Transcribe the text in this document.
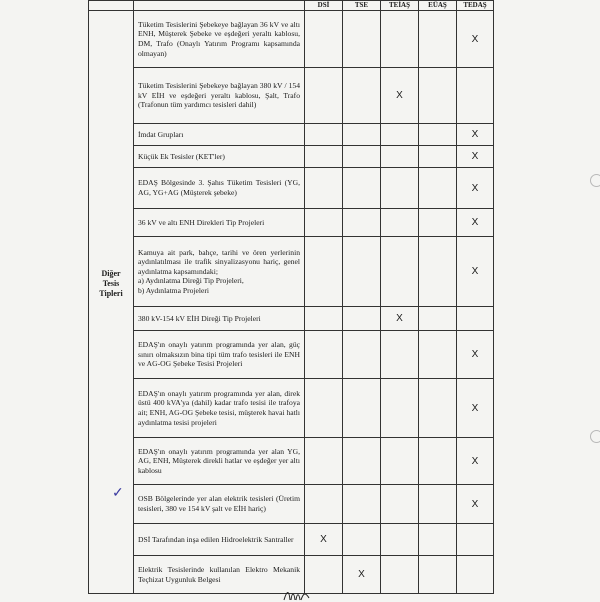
		DSİ	TSE	TEİAŞ	EÜAŞ	TEDAŞ
Diğer
Tesis
Tipleri	Tüketim Tesislerini Şebekeye bağlayan 36 kV ve altı ENH, Müşterek Şebeke ve eşdeğeri yeraltı kablosu, DM, Trafo (Onaylı Yatırım Programı kapsamında olmayan)					X

	Tüketim Tesislerini Şebekeye bağlayan 380 kV / 154 kV EİH ve eşdeğeri yeraltı kablosu, Şalt, Trafo (Trafonun tüm yardımcı tesisleri dahil)			X		

	İmdat Grupları					X

	Küçük Ek Tesisler (KET'ler)					X

	EDAŞ Bölgesinde 3. Şahıs Tüketim Tesisleri (YG, AG, YG+AG (Müşterek şebeke)					X

	36 kV ve altı ENH Direkleri Tip Projeleri					X

	Kamuya ait park, bahçe, tarihi ve ören yerlerinin aydınlatılması ile trafik sinyalizasyonu hariç, genel aydınlatma kapsamındaki;
a) Aydınlatma Direği Tip Projeleri,
b) Aydınlatma Projeleri					X

	380 kV-154 kV EİH Direği Tip Projeleri			X		

	EDAŞ'ın onaylı yatırım programında yer alan, güç sınırı olmaksızın bina tipi tüm trafo tesisleri ile ENH ve AG-OG Şebeke Tesisi Projeleri					X

	EDAŞ'ın onaylı yatırım programında yer alan, direk üstü 400 kVA'ya (dahil) kadar trafo tesisi ile trafoya ait; ENH, AG-OG Şebeke tesisi, müşterek havai hatlı aydınlatma tesisi projeleri					X

	EDAŞ'ın onaylı yatırım programında yer alan YG, AG, ENH, Müşterek direkli hatlar ve eşdeğer yer altı kablosu					X

	OSB Bölgelerinde yer alan elektrik tesisleri (Üretim tesisleri, 380 ve 154 kV şalt ve EİH hariç)					X

	DSİ Tarafından inşa edilen Hidroelektrik Santraller	X				

	Elektrik Tesislerinde kullanılan Elektro Mekanik Teçhizat Uygunluk Belgesi		X			
✓
